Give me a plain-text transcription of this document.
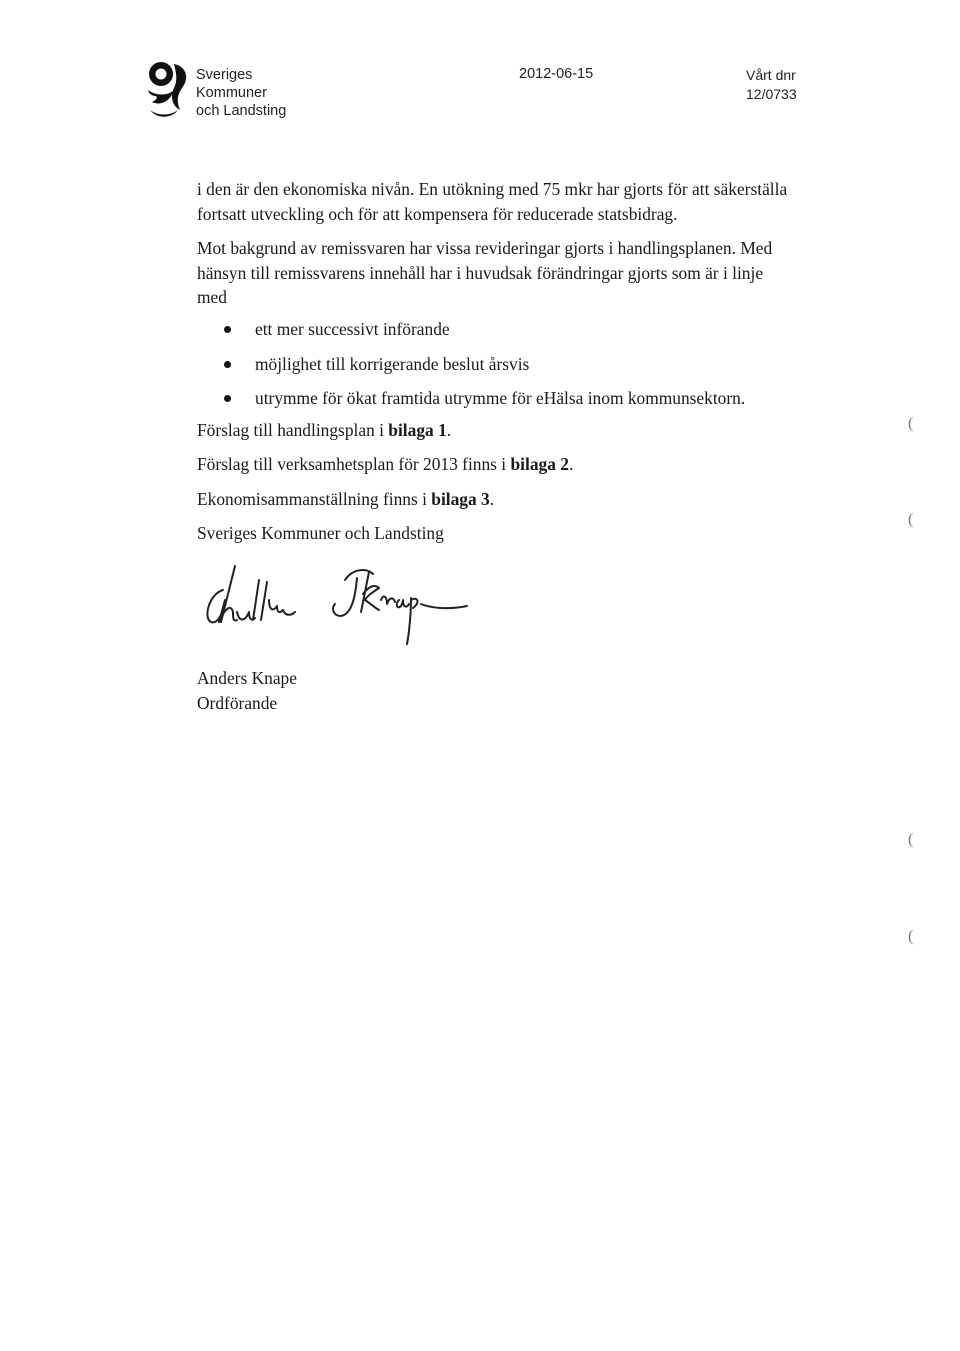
Sveriges
Kommuner
och Landsting
2012-06-15	Vårt dnr
12/0733
i den är den ekonomiska nivån. En utökning med 75 mkr har gjorts för att säkerställa
fortsatt utveckling och för att kompensera för reducerade statsbidrag.
Mot bakgrund av remissvaren har vissa revideringar gjorts i handlingsplanen. Med
hänsyn till remissvarens innehåll har i huvudsak förändringar gjorts som är i linje
med
ett mer successivt införande
möjlighet till korrigerande beslut årsvis
utrymme för ökat framtida utrymme för eHälsa inom kommunsektorn.
Förslag till handlingsplan i bilaga 1.
Förslag till verksamhetsplan för 2013 finns i bilaga 2.
Ekonomisammanställning finns i bilaga 3.
Sveriges Kommuner och Landsting
Anders Knape
Ordförande
(
(
(
(
